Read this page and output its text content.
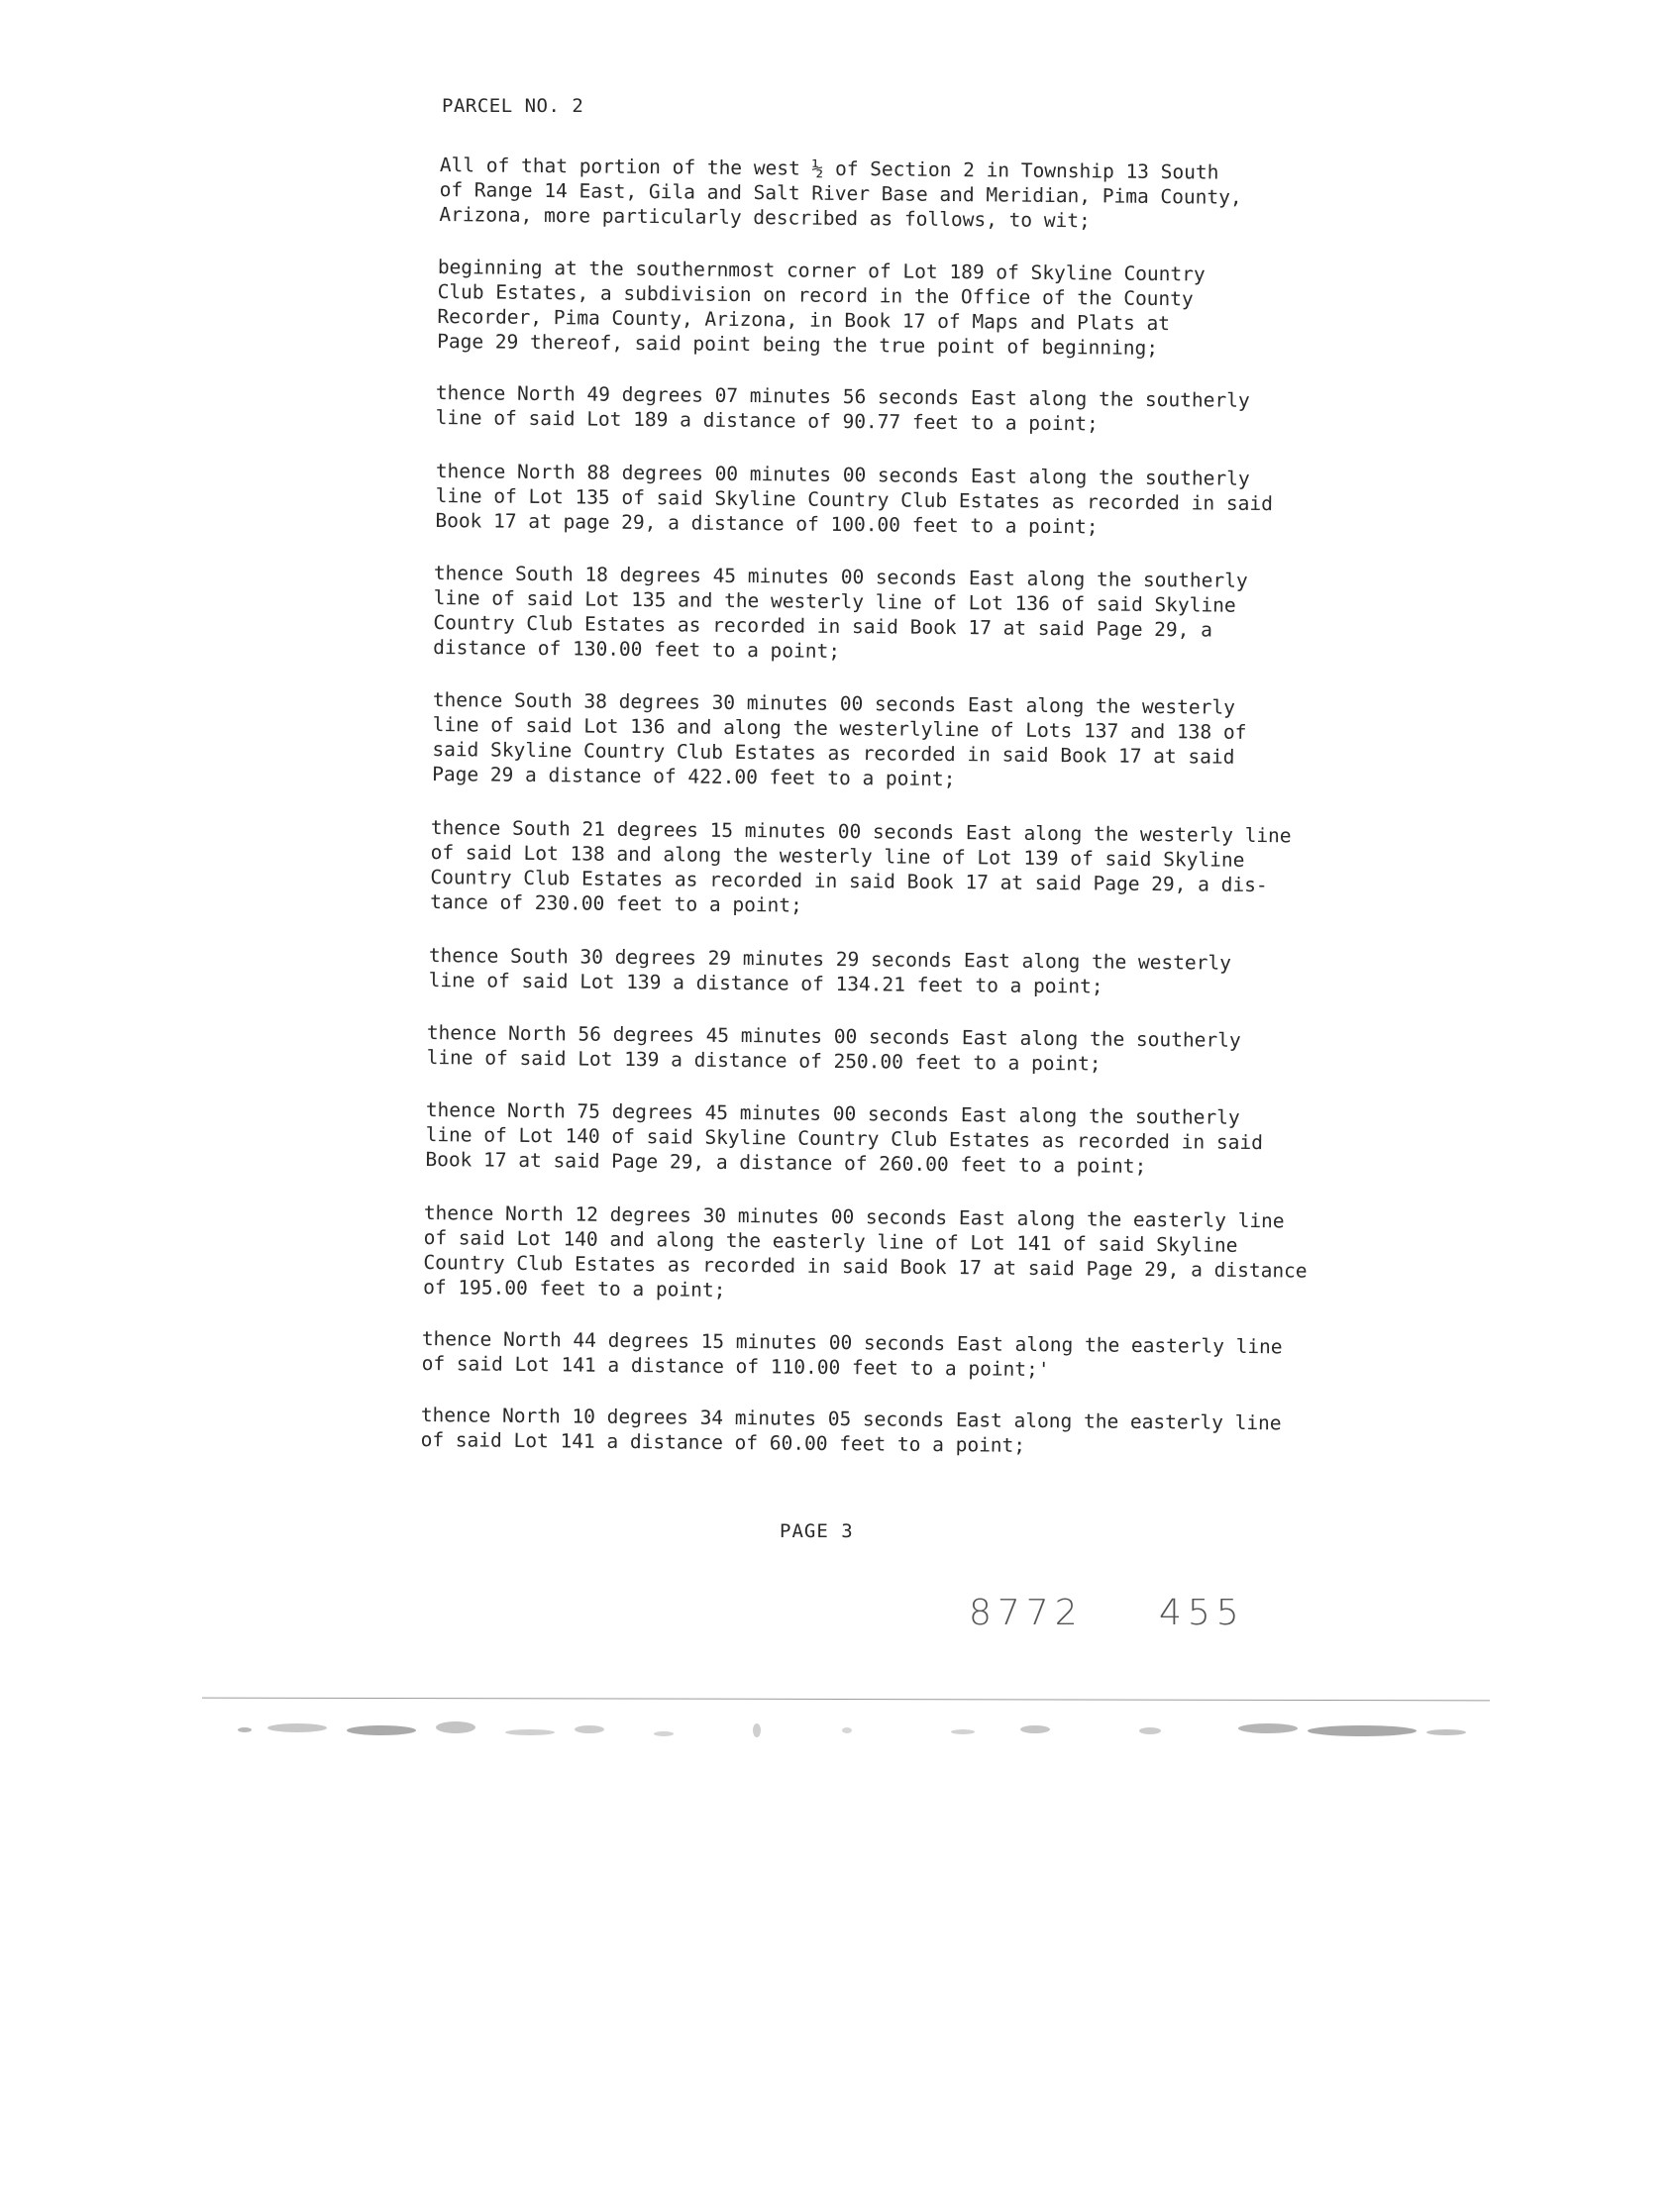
PARCEL NO. 2
All of that portion of the west ½ of Section 2 in Township 13 South
of Range 14 East, Gila and Salt River Base and Meridian, Pima County,
Arizona, more particularly described as follows, to wit;
beginning at the southernmost corner of Lot 189 of Skyline Country
Club Estates, a subdivision on record in the Office of the County
Recorder, Pima County, Arizona, in Book 17 of Maps and Plats at
Page 29 thereof, said point being the true point of beginning;
thence North 49 degrees 07 minutes 56 seconds East along the southerly
line of said Lot 189 a distance of 90.77 feet to a point;
thence North 88 degrees 00 minutes 00 seconds East along the southerly
line of Lot 135 of said Skyline Country Club Estates as recorded in said
Book 17 at page 29, a distance of 100.00 feet to a point;
thence South 18 degrees 45 minutes 00 seconds East along the southerly
line of said Lot 135 and the westerly line of Lot 136 of said Skyline
Country Club Estates as recorded in said Book 17 at said Page 29, a
distance of 130.00 feet to a point;
thence South 38 degrees 30 minutes 00 seconds East along the westerly
line of said Lot 136 and along the westerlyline of Lots 137 and 138 of
said Skyline Country Club Estates as recorded in said Book 17 at said
Page 29 a distance of 422.00 feet to a point;
thence South 21 degrees 15 minutes 00 seconds East along the westerly line
of said Lot 138 and along the westerly line of Lot 139 of said Skyline
Country Club Estates as recorded in said Book 17 at said Page 29, a dis-
tance of 230.00 feet to a point;
thence South 30 degrees 29 minutes 29 seconds East along the westerly
line of said Lot 139 a distance of 134.21 feet to a point;
thence North 56 degrees 45 minutes 00 seconds East along the southerly
line of said Lot 139 a distance of 250.00 feet to a point;
thence North 75 degrees 45 minutes 00 seconds East along the southerly
line of Lot 140 of said Skyline Country Club Estates as recorded in said
Book 17 at said Page 29, a distance of 260.00 feet to a point;
thence North 12 degrees 30 minutes 00 seconds East along the easterly line
of said Lot 140 and along the easterly line of Lot 141 of said Skyline
Country Club Estates as recorded in said Book 17 at said Page 29, a distance
of 195.00 feet to a point;
thence North 44 degrees 15 minutes 00 seconds East along the easterly line
of said Lot 141 a distance of 110.00 feet to a point;'
thence North 10 degrees 34 minutes 05 seconds East along the easterly line
of said Lot 141 a distance of 60.00 feet to a point;
PAGE 3
8772 455
